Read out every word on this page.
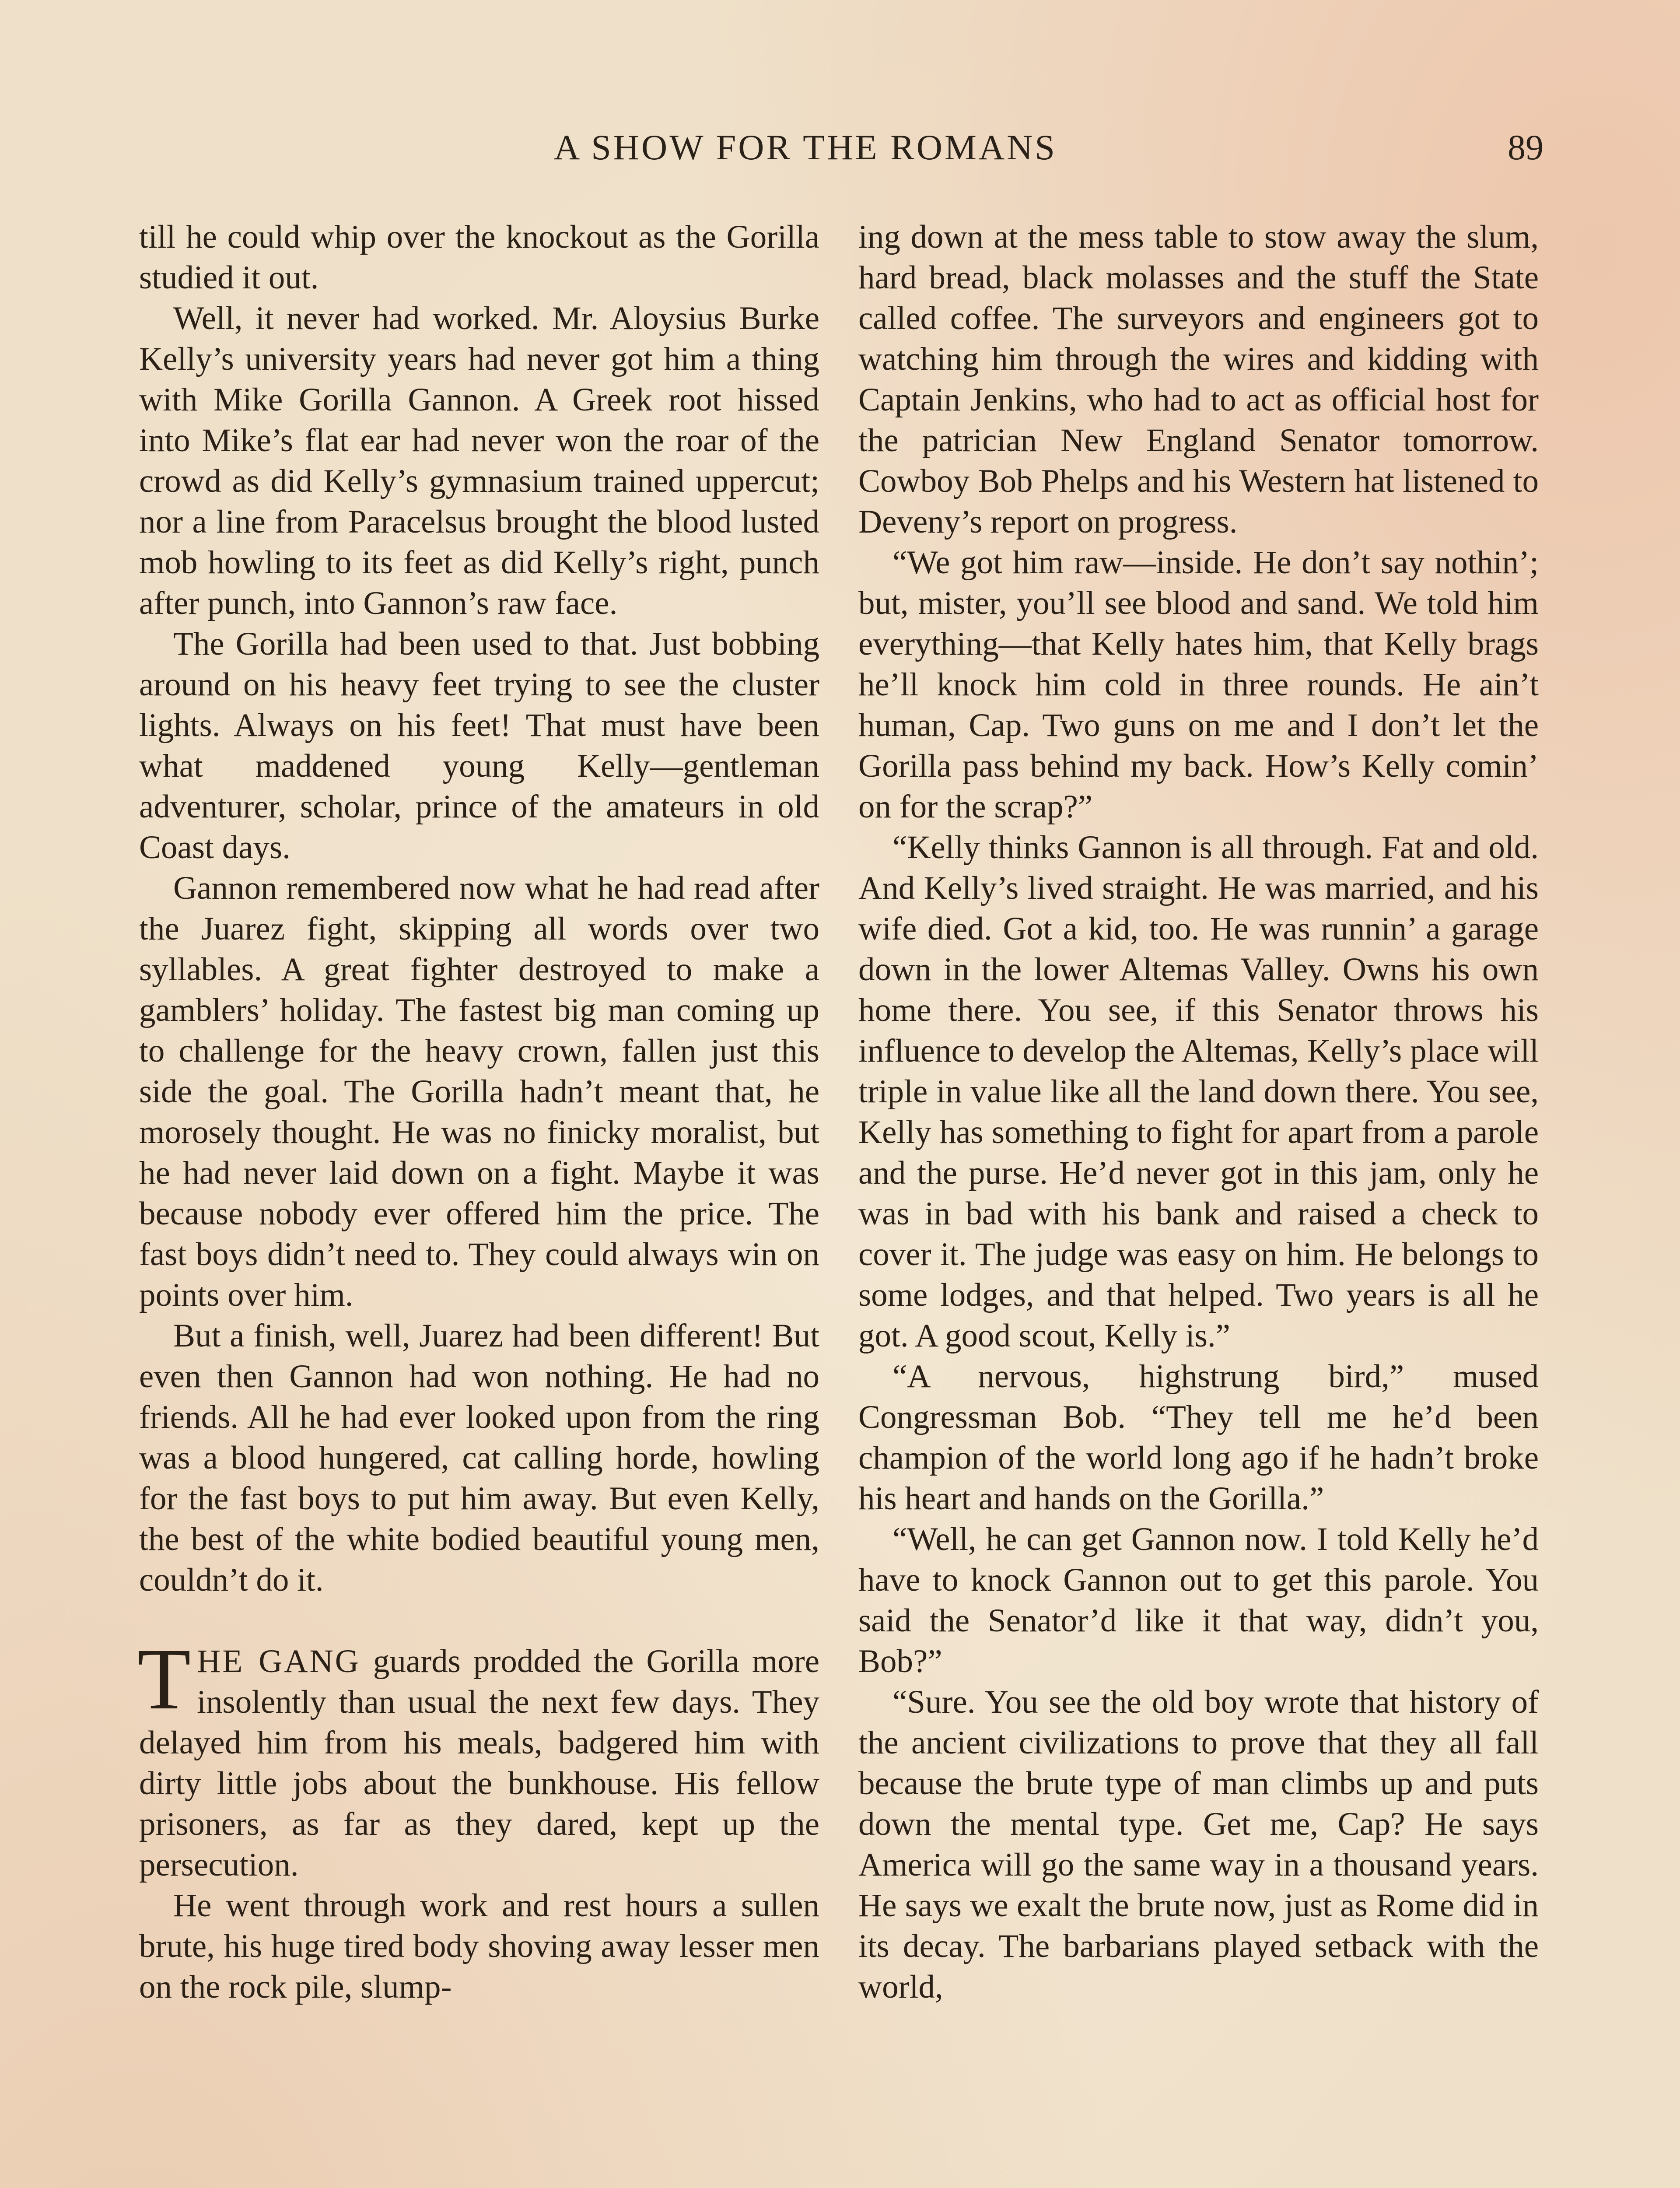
A SHOW FOR THE ROMANS	89

till he could whip over the knockout as the Gorilla studied it out.

Well, it never had worked. Mr. Aloysius Burke Kelly’s university years had never got him a thing with Mike Gorilla Gannon. A Greek root hissed into Mike’s flat ear had never won the roar of the crowd as did Kelly’s gymnasium trained uppercut; nor a line from Paracelsus brought the blood lusted mob howling to its feet as did Kelly’s right, punch after punch, into Gannon’s raw face.

The Gorilla had been used to that. Just bobbing around on his heavy feet trying to see the cluster lights. Always on his feet! That must have been what maddened young Kelly—gentleman adventurer, scholar, prince of the amateurs in old Coast days.

Gannon remembered now what he had read after the Juarez fight, skipping all words over two syllables. A great fighter destroyed to make a gamblers’ holiday. The fastest big man coming up to challenge for the heavy crown, fallen just this side the goal. The Gorilla hadn’t meant that, he morosely thought. He was no finicky moralist, but he had never laid down on a fight. Maybe it was because nobody ever offered him the price. The fast boys didn’t need to. They could always win on points over him.

But a finish, well, Juarez had been different! But even then Gannon had won nothing. He had no friends. All he had ever looked upon from the ring was a blood hungered, cat calling horde, howling for the fast boys to put him away. But even Kelly, the best of the white bodied beautiful young men, couldn’t do it.

THE GANG guards prodded the Gorilla more insolently than usual the next few days. They delayed him from his meals, badgered him with dirty little jobs about the bunkhouse. His fellow prisoners, as far as they dared, kept up the persecution.

He went through work and rest hours a sullen brute, his huge tired body shoving away lesser men on the rock pile, slump-

ing down at the mess table to stow away the slum, hard bread, black molasses and the stuff the State called coffee. The surveyors and engineers got to watching him through the wires and kidding with Captain Jenkins, who had to act as official host for the patrician New England Senator tomorrow. Cowboy Bob Phelps and his Western hat listened to Deveny’s report on progress.

“We got him raw—inside. He don’t say nothin’; but, mister, you’ll see blood and sand. We told him everything—that Kelly hates him, that Kelly brags he’ll knock him cold in three rounds. He ain’t human, Cap. Two guns on me and I don’t let the Gorilla pass behind my back. How’s Kelly comin’ on for the scrap?”

“Kelly thinks Gannon is all through. Fat and old. And Kelly’s lived straight. He was married, and his wife died. Got a kid, too. He was runnin’ a garage down in the lower Altemas Valley. Owns his own home there. You see, if this Senator throws his influence to develop the Altemas, Kelly’s place will triple in value like all the land down there. You see, Kelly has something to fight for apart from a parole and the purse. He’d never got in this jam, only he was in bad with his bank and raised a check to cover it. The judge was easy on him. He belongs to some lodges, and that helped. Two years is all he got. A good scout, Kelly is.”

“A nervous, highstrung bird,” mused Congressman Bob. “They tell me he’d been champion of the world long ago if he hadn’t broke his heart and hands on the Gorilla.”

“Well, he can get Gannon now. I told Kelly he’d have to knock Gannon out to get this parole. You said the Senator’d like it that way, didn’t you, Bob?”

“Sure. You see the old boy wrote that history of the ancient civilizations to prove that they all fall because the brute type of man climbs up and puts down the mental type. Get me, Cap? He says America will go the same way in a thousand years. He says we exalt the brute now, just as Rome did in its decay. The barbarians played setback with the world,
